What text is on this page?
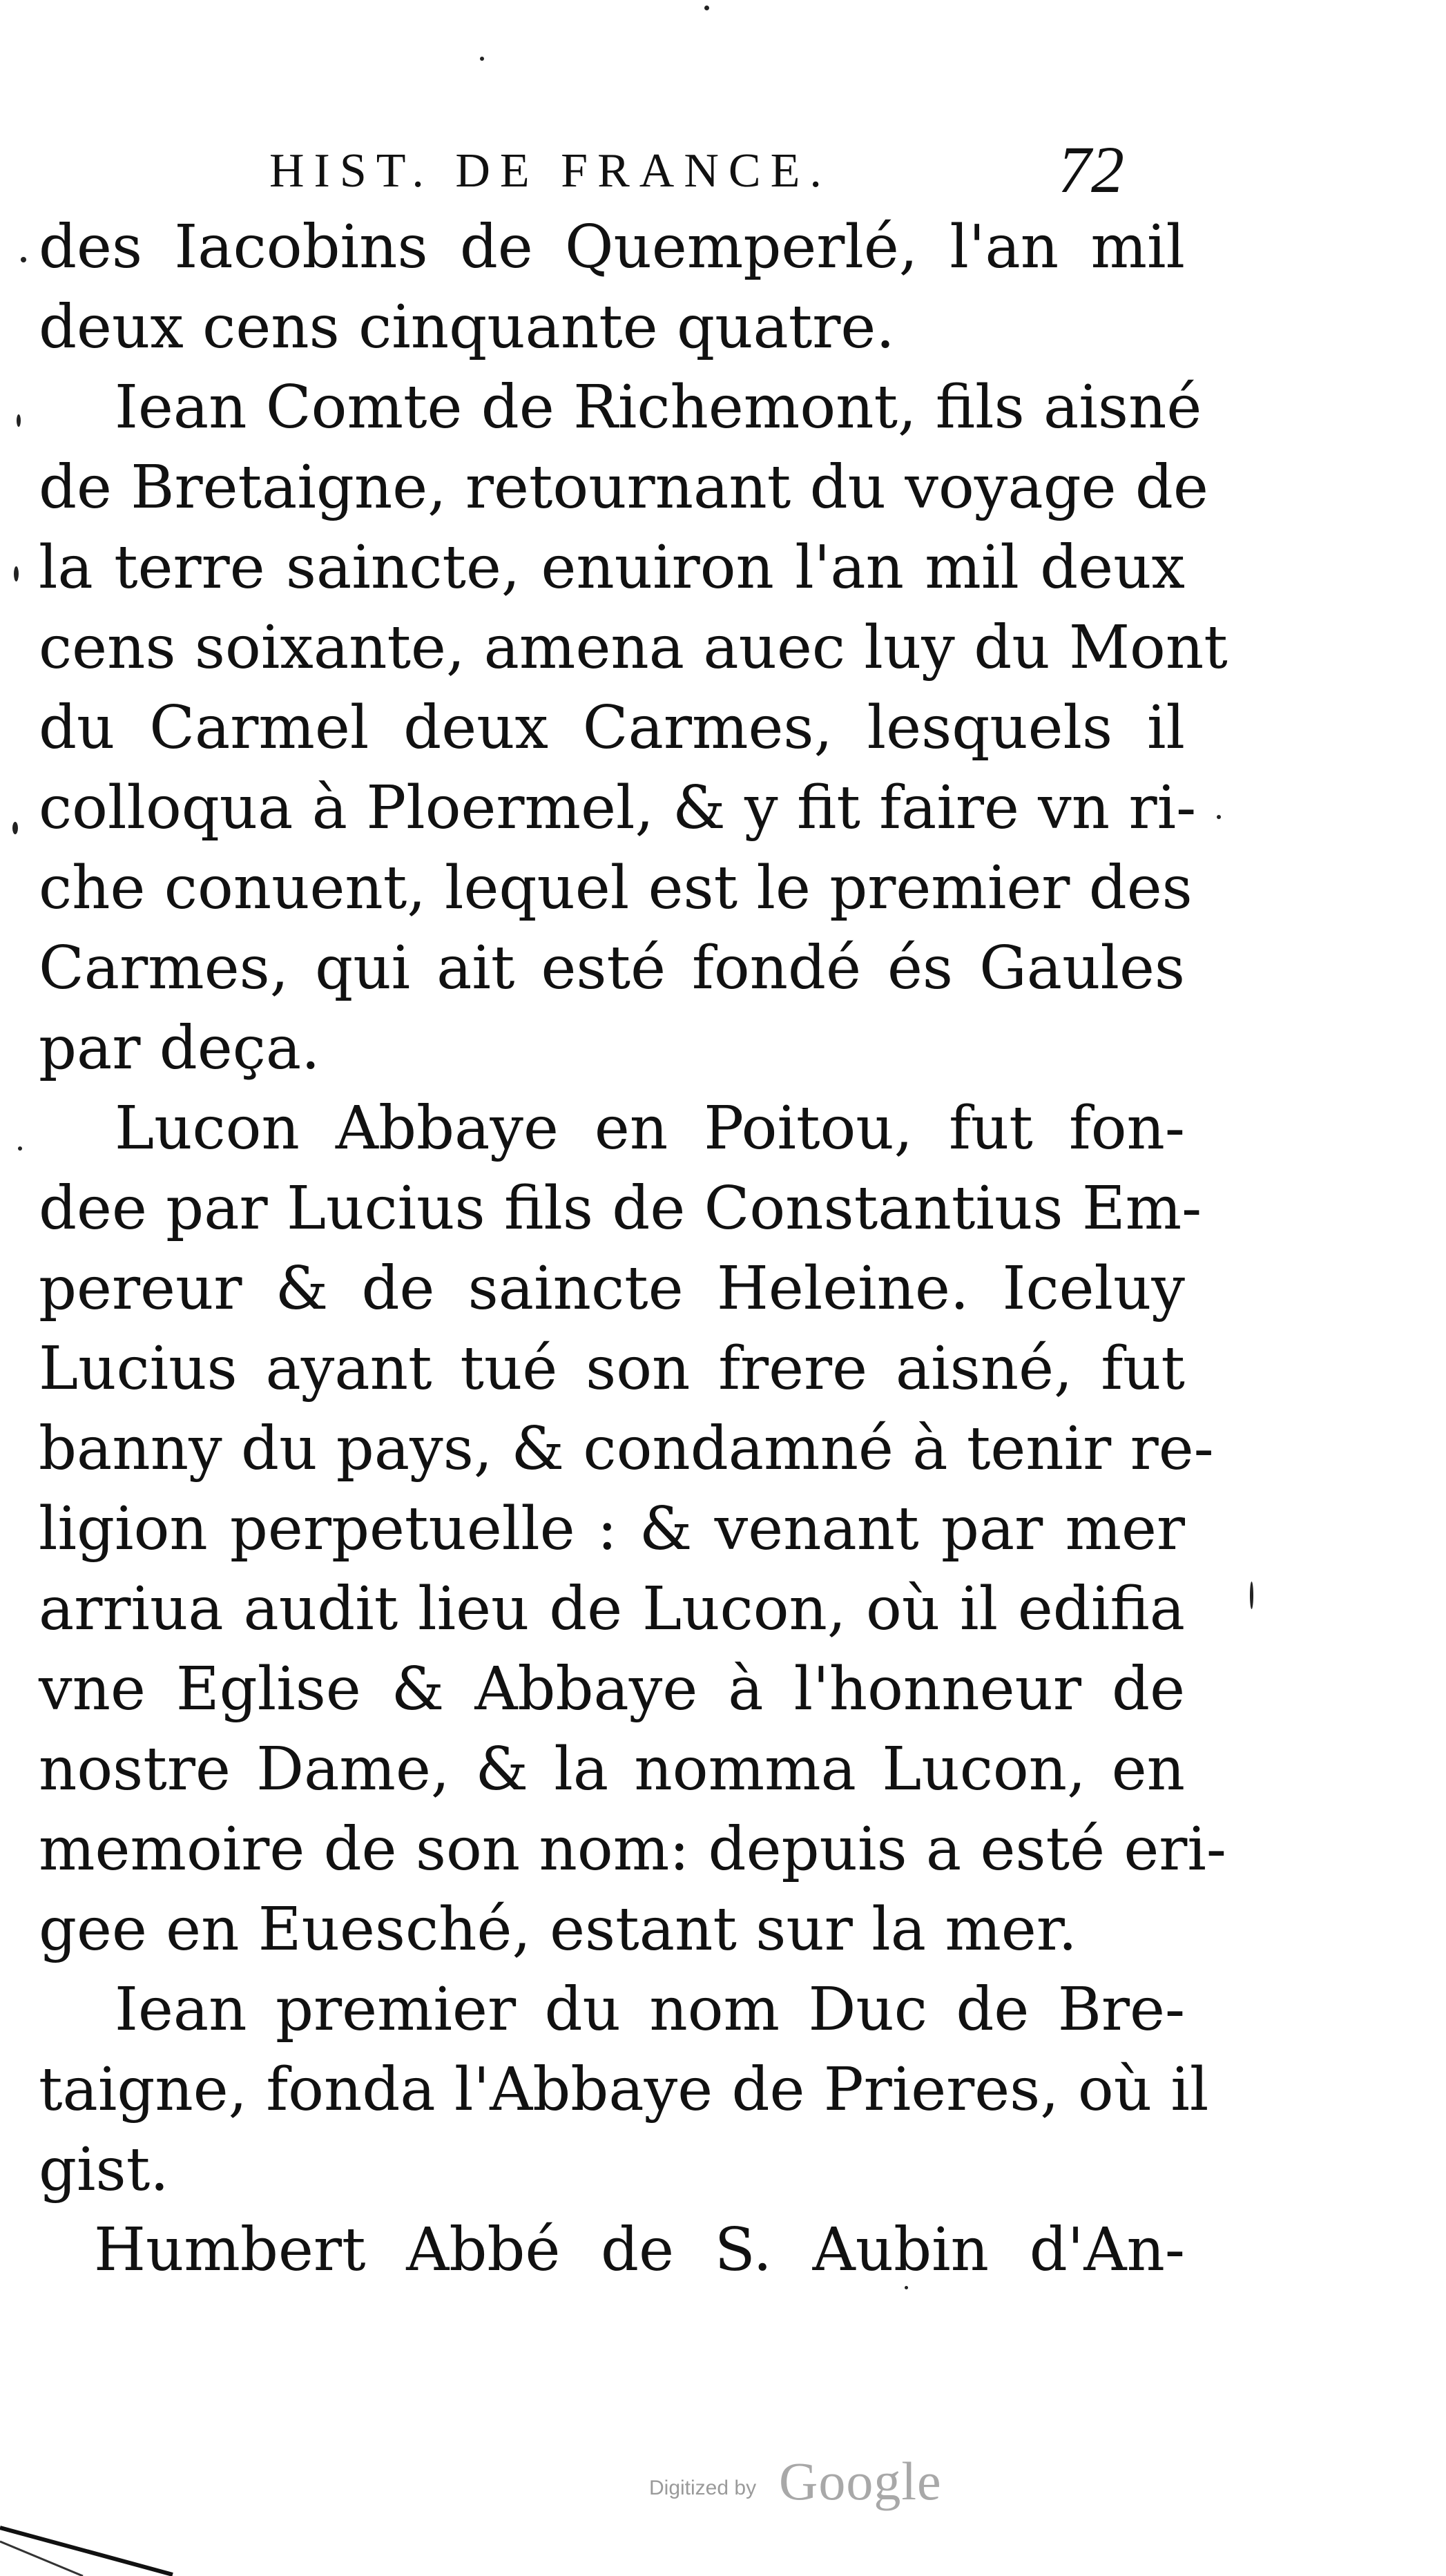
HIST. DE FRANCE.	72
des Iacobins de Quemperlé, l'an mil
deux cens cinquante quatre.
Iean Comte de Richemont, fils aisné
de Bretaigne, retournant du voyage de
la terre saincte, enuiron l'an mil deux
cens soixante, amena auec luy du Mont
du Carmel deux Carmes, lesquels il
colloqua à Ploermel, & y fit faire vn ri-
che conuent, lequel est le premier des
Carmes, qui ait esté fondé és Gaules
par deça.
Lucon Abbaye en Poitou, fut fon-
dee par Lucius fils de Constantius Em-
pereur & de saincte Heleine. Iceluy
Lucius ayant tué son frere aisné, fut
banny du pays, & condamné à tenir re-
ligion perpetuelle : & venant par mer
arriua audit lieu de Lucon, où il edifia
vne Eglise & Abbaye à l'honneur de
nostre Dame, & la nomma Lucon, en
memoire de son nom: depuis a esté eri-
gee en Euesché, estant sur la mer.
Iean premier du nom Duc de Bre-
taigne, fonda l'Abbaye de Prieres, où il
gist.
Humbert Abbé de S. Aubin d'An-
Digitized by Google
